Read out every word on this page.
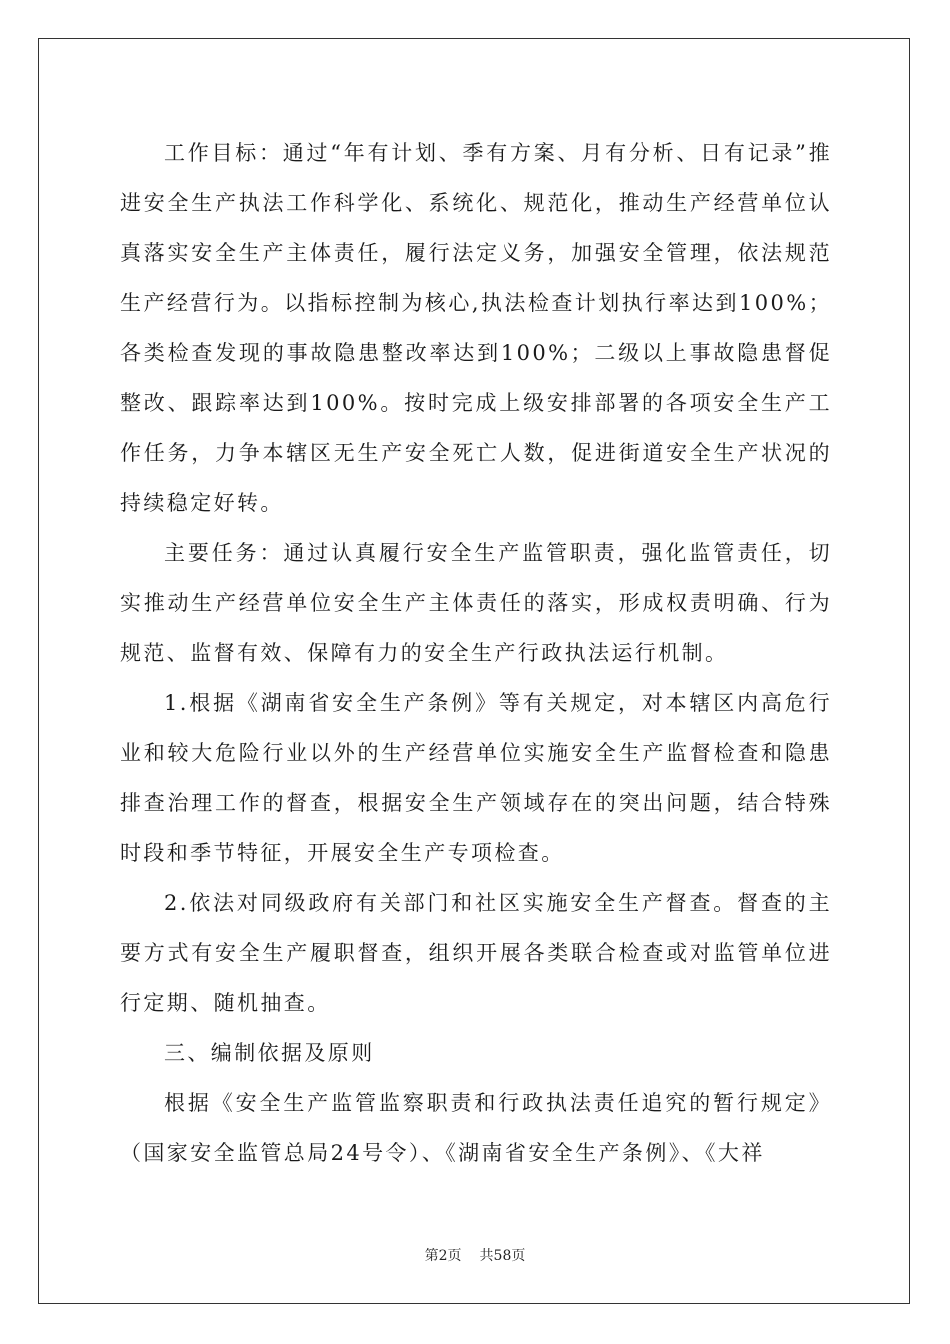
工作目标：通过“年有计划、季有方案、月有分析、日有记录”推进安全生产执法工作科学化、系统化、规范化，推动生产经营单位认真落实安全生产主体责任，履行法定义务，加强安全管理，依法规范生产经营行为。以指标控制为核心,执法检查计划执行率达到100%；各类检查发现的事故隐患整改率达到100%；二级以上事故隐患督促整改、跟踪率达到100%。按时完成上级安排部署的各项安全生产工作任务，力争本辖区无生产安全死亡人数，促进街道安全生产状况的持续稳定好转。

主要任务：通过认真履行安全生产监管职责，强化监管责任，切实推动生产经营单位安全生产主体责任的落实，形成权责明确、行为规范、监督有效、保障有力的安全生产行政执法运行机制。

1.根据《湖南省安全生产条例》等有关规定，对本辖区内高危行业和较大危险行业以外的生产经营单位实施安全生产监督检查和隐患排查治理工作的督查，根据安全生产领域存在的突出问题，结合特殊时段和季节特征，开展安全生产专项检查。

2.依法对同级政府有关部门和社区实施安全生产督查。督查的主要方式有安全生产履职督查，组织开展各类联合检查或对监管单位进行定期、随机抽查。

三、编制依据及原则

根据《安全生产监管监察职责和行政执法责任追究的暂行规定》（国家安全监管总局24号令）、《湖南省安全生产条例》、《大祥

第2页 共58页
